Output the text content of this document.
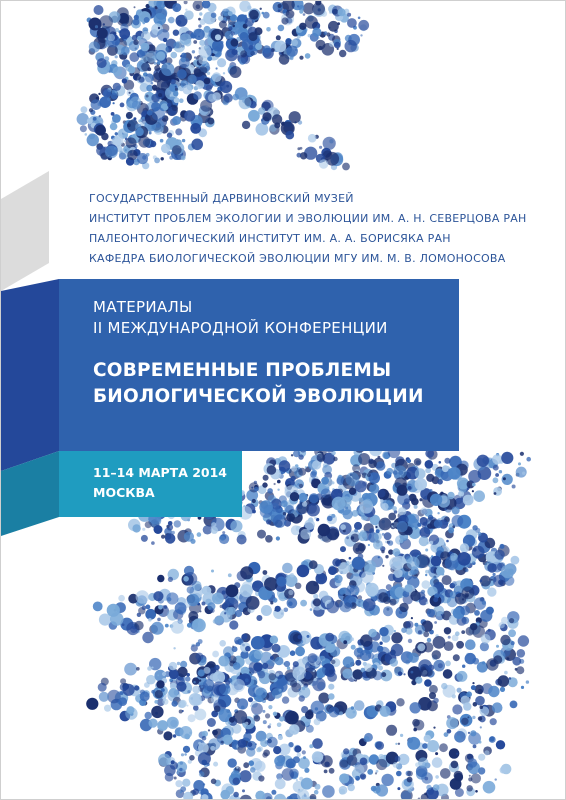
ГОСУДАРСТВЕННЫЙ ДАРВИНОВСКИЙ МУЗЕЙ
ИНСТИТУТ ПРОБЛЕМ ЭКОЛОГИИ И ЭВОЛЮЦИИ ИМ. А. Н. СЕВЕРЦОВА РАН
ПАЛЕОНТОЛОГИЧЕСКИЙ ИНСТИТУТ ИМ. А. А. БОРИСЯКА РАН
КАФЕДРА БИОЛОГИЧЕСКОЙ ЭВОЛЮЦИИ МГУ ИМ. М. В. ЛОМОНОСОВА
МАТЕРИАЛЫ
II МЕЖДУНАРОДНОЙ КОНФЕРЕНЦИИ
СОВРЕМЕННЫЕ ПРОБЛЕМЫ
БИОЛОГИЧЕСКОЙ ЭВОЛЮЦИИ
11–14 МАРТА 2014
МОСКВА
